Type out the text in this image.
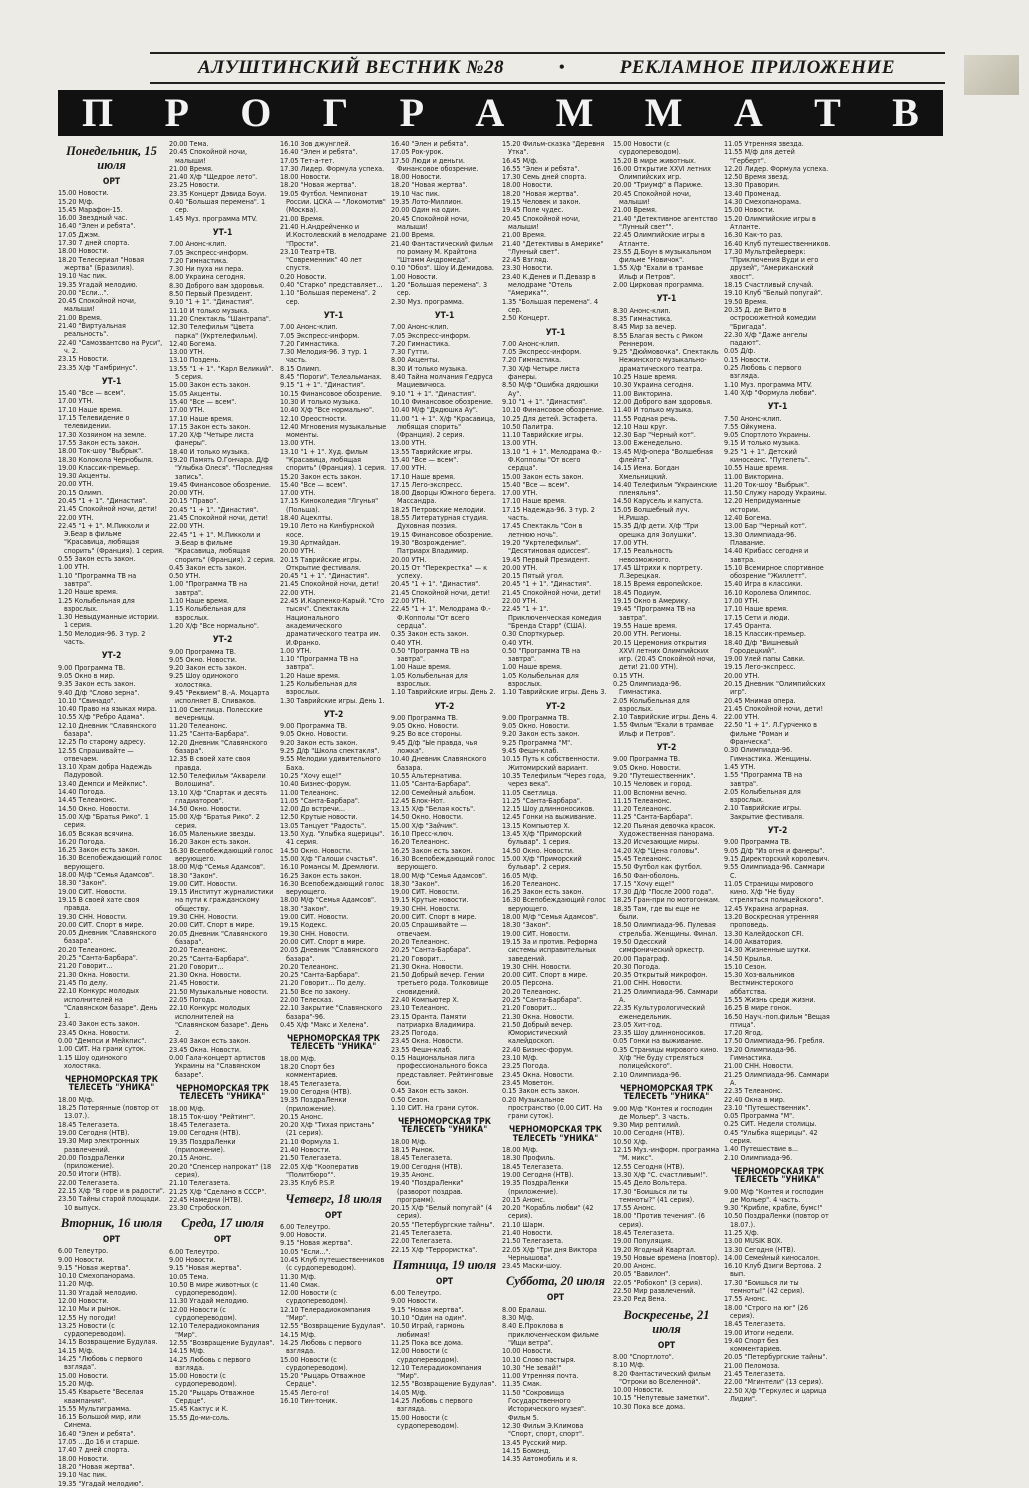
АЛУШТИНСКИЙ ВЕСТНИК №28	•	РЕКЛАМНОЕ ПРИЛОЖЕНИЕ
П Р О Г Р А М М А Т В
Понедельник, 15 июля
ОРТ
15.00 Новости.
15.20 М/ф.
15.45 Марафон-15.
16.00 Звездный час.
16.40 "Элен и ребята".
17.05 Джэм.
17.30 7 дней спорта.
18.00 Новости.
18.20 Телесериал "Новая жертва" (Бразилия).
19.10 Час пик.
19.35 Угадай мелодию.
20.00 "Если...".
20.45 Спокойной ночи, малыши!
21.00 Время.
21.40 "Виртуальная реальность".
22.40 "Самозвантсво на Руси", ч. 2.
23.15 Новости.
23.35 Х/ф "Гамбринус".
УТ-1
15.40 "Все — всем".
17.00 УТН.
17.10 Наше время.
17.15 Телевидение о телевидении.
17.30 Хозяином на земле.
17.55 Закон есть закон.
18.00 Ток-шоу "Выбрык".
18.30 Колокола Чернобыля.
19.00 Классик-премьер.
19.30 Акценты.
20.00 УТН.
20.15 Олимп.
20.45 "1 + 1". "Династия".
21.45 Спокойной ночи, дети!
22.00 УТН.
22.45 "1 + 1". М.Пикколи и Э.Беар в фильме "Красавица, любящая спорить" (Франция). 1 серия.
0.55 Закон есть закон.
1.00 УТН.
1.10 "Программа ТВ на завтра".
1.20 Наше время.
1.25 Колыбельная для взрослых.
1.30 Невыдуманные истории. 1 серия.
1.50 Мелодия-96. 3 тур. 2 часть.
УТ-2
9.00 Программа ТВ.
9.05 Окно в мир.
9.35 Закон есть закон.
9.40 Д/ф "Слово зерна".
10.10 "Свинадо".
10.40 Право на языках мира.
10.55 Х/ф "Ребро Адама".
12.10 Дневник "Славянского базара".
12.25 По старому адресу.
12.55 Спрашивайте — отвечаем.
13.10 Храм добра Надеждь Падуровой.
13.40 Демпси и Мейкпис".
14.40 Погода.
14.45 Телеанонс.
14.50 Окно. Новости.
15.00 Х/ф "Братья Рико". 1 серия.
16.05 Всякая всячина.
16.20 Погода.
16.25 Закон есть закон.
16.30 Всепобеждающий голос верующего.
18.00 М/ф "Семья Адамсов".
18.30 "Закон".
19.00 СИТ. Новости.
19.15 В своей хате своя правда.
19.30 СНН. Новости.
20.00 СИТ. Спорт в мире.
20.05 Дневник "Славянского базара".
20.20 Телеанонс.
20.25 "Санта-Барбара".
21.20 Говорит...
21.30 Окна. Новости.
21.45 По делу.
22.10 Конкурс молодых исполнителей на "Славянском базаре". День 1.
23.40 Закон есть закон.
23.45 Окна. Новости.
0.00 "Демпси и Мейкпис".
1.00 СИТ. На грани суток.
1.15 Шоу одинокого холостяка.
ЧЕРНОМОРСКАЯ ТРК ТЕЛЕСЕТЬ "УНИКА"
18.00 М/ф.
18.25 Потерянные (повтор от 13.07.).
18.45 Телегазета.
19.00 Сегодня (НТВ).
19.30 Мир электронных развлечений.
20.00 ПоздраЛенки (приложение).
20.50 Итоги (НТВ).
22.00 Телегазета.
22.15 Х/ф "В горе и в радости".
23.50 Тайны старой площади. 10 выпуск.
Вторник, 16 июля
ОРТ
6.00 Телеутро.
9.00 Новости.
9.15 "Новая жертва".
10.10 Смехопанорама.
11.20 М/ф.
11.30 Угадай мелодию.
12.00 Новости.
12.10 Мы и рынок.
12.55 Ну погоди!
13.25 Новости (с сурдопереводом).
14.15 Возвращение Будулая.
14.15 М/ф.
14.25 "Любовь с первого взгляда".
15.00 Новости.
15.20 М/ф.
15.45 Кварьете "Веселая квампания".
15.55 Мультиграмма.
16.15 Большой мир, или Синема.
16.40 "Элен и ребята".
17.05 ...До 16 и старше.
17.40 7 дней спорта.
18.00 Новости.
18.20 "Новая жертва".
19.10 Час пик.
19.35 "Угадай мелодию".
20.00 Тема.
20.45 Спокойной ночи, малыши!
21.00 Время.
21.40 Х/ф "Щедрое лето".
23.25 Новости.
23.35 Концерт Дэвида Боуи.
0.40 "Большая перемена". 1 сер.
1.45 Муз. программа MTV.
УТ-1
7.00 Анонс-клип.
7.05 Экспресс-информ.
7.20 Гимнастика.
7.30 Ни пуха ни пера.
8.00 Украина сегодня.
8.30 Доброго вам здоровья.
8.50 Первый Президент.
9.10 "1 + 1". "Династия".
11.10 И только музыка.
11.20 Спектакль "Шантрапа".
12.30 Телефильм "Цвета парка" (Укртелефильм).
12.40 Богема.
13.00 УТН.
13.10 Поздень.
13.55 "1 + 1". "Карл Великий". 5 серия.
15.00 Закон есть закон.
15.05 Акценты.
15.40 "Все — всем".
17.00 УТН.
17.10 Наше время.
17.15 Закон есть закон.
17.20 Х/ф "Четыре листа фанеры".
18.40 И только музыка.
19.20 Память О.Гончара. Д/ф "Улыбка Олеся". "Последняя запись".
19.45 Финансовое обозрение.
20.00 УТН.
20.15 "Право".
20.45 "1 + 1". "Династия".
21.45 Спокойной ночи, дети!
22.00 УТН.
22.45 "1 + 1". М.Пикколи и Э.Беар в фильме "Красавица, любящая спорить" (Франция). 2 серия.
0.45 Закон есть закон.
0.50 УТН.
1.00 "Программа ТВ на завтра".
1.10 Наше время.
1.15 Колыбельная для взрослых.
1.20 Х/ф "Все нормально".
УТ-2
9.00 Программа ТВ.
9.05 Окно. Новости.
9.20 Закон есть закон.
9.25 Шоу одинокого холостяка.
9.45 "Реквием" В.-А. Моцарта исполняет В. Спиваков.
11.00 Светлица. Полесские вечерницы.
11.20 Телеанонс.
11.25 "Санта-Барбара".
12.20 Дневник "Славянского базара".
12.35 В своей хате своя правда.
12.50 Телефильм "Акварели Волошина".
13.10 Х/ф "Спартак и десять гладиаторов".
14.50 Окно. Новости.
15.00 Х/ф "Братья Рико". 2 серия.
16.05 Маленькие звезды.
16.20 Закон есть закон.
16.30 Всепобеждающий голос верующего.
18.00 М/ф "Семья Адамсов".
18.30 "Закон".
19.00 СИТ. Новости.
19.15 Институт журналистики на пути к гражданскому обществу.
19.30 СНН. Новости.
20.00 СИТ. Спорт в мире.
20.05 Дневник "Славянского базара".
20.20 Телеанонс.
20.25 "Санта-Барбара".
21.20 Говорит...
21.30 Окна. Новости.
21.45 Новости.
21.50 Музыкальные новости.
22.05 Погода.
22.10 Конкурс молодых исполнителей на "Славянском базаре". День 2.
23.40 Закон есть закон.
23.45 Окна. Новости.
0.00 Гала-концерт артистов Украины на "Славянском базаре".
ЧЕРНОМОРСКАЯ ТРК ТЕЛЕСЕТЬ "УНИКА"
18.00 М/ф.
18.15 Ток-шоу "Рейтинг".
18.45 Телегазета.
19.00 Сегодня (НТВ).
19.35 ПоздраЛенки (приложение).
20.15 Анонс.
20.20 "Спенсер напрокат" (18 серия).
21.10 Телегазета.
21.25 Х/ф "Сделано в СССР".
22.45 Намедни (НТВ).
23.30 Стробоскоп.
Среда, 17 июля
ОРТ
6.00 Телеутро.
9.00 Новости.
9.15 "Новая жертва".
10.05 Тема.
10.50 В мире животных (с сурдопереводом).
11.30 Угадай мелодию.
12.00 Новости (с сурдопереводом).
12.10 Телерадиокомпания "Мир".
12.55 "Возвращение Будулая".
14.15 М/ф.
14.25 Любовь с первого взгляда.
15.00 Новости (с сурдопереводом).
15.20 "Рыцарь Отважное Сердце".
15.45 Кактус и К.
15.55 До-ми-соль.
16.10 Зов джунглей.
16.40 "Элен и ребята".
17.05 Тет-а-тет.
17.30 Лидер. Формула успеха.
18.00 Новости.
18.20 "Новая жертва".
19.05 Футбол. Чемпионат России. ЦСКА — "Локомотив" (Москва).
21.00 Время.
21.40 Н.Андрейченко и И.Костолевский в мелодраме "Прости".
23.10 Театр+ТВ. "Современник" 40 лет спустя.
0.20 Новости.
0.40 "Старко" представляет...
1.10 "Большая перемена". 2 сер.
УТ-1
7.00 Анонс-клип.
7.05 Экспресс-информ.
7.20 Гимнастика.
7.30 Мелодия-96. 3 тур. 1 часть.
8.15 Олимп.
8.45 "Пороги". Телеальманах.
9.15 "1 + 1". "Династия".
10.15 Финансовое обозрение.
10.30 И только музыка.
10.40 Х/ф "Все нормально".
12.10 Ореостности.
12.40 Мгновения музыкальные моменты.
13.00 УТН.
13.10 "1 + 1". Худ. фильм "Красавица, любящая спорить" (Франция). 1 серия.
15.20 Закон есть закон.
15.40 "Все — всем".
17.00 УТН.
17.15 Киноколедия "Лгунья" (Польша).
18.40 Ацеклты.
19.10 Лето на Кинбурнской косе.
19.30 Артмайдан.
20.00 УТН.
20.15 Таврийские игры. Открытие фестиваля.
20.45 "1 + 1". "Династия".
21.45 Спокойной ночи, дети!
22.00 УТН.
22.45 И.Карпенко-Карый. "Сто тысяч". Спектакль Национального академического драматического театра им. И.Франко.
1.00 УТН.
1.10 "Программа ТВ на завтра".
1.20 Наше время.
1.25 Колыбельная для взрослых.
1.30 Таврийские игры. День 1.
УТ-2
9.00 Программа ТВ.
9.05 Окно. Новости.
9.20 Закон есть закон.
9.25 Д/ф "Школа спектакля".
9.55 Мелодии удивительного Баха.
10.25 "Хочу еще!"
10.40 Бизнес-форум.
11.00 Телеанонс.
11.05 "Санта-Барбара".
12.00 До встречи...
12.50 Крутые новости.
13.05 Танцует "Радость".
13.50 Худ. "Улыбка ящерицы". 41 серия.
14.50 Окно. Новости.
15.00 Х/ф "Галоши счастья".
16.10 Романсы М. Дремлюги.
16.25 Закон есть закон.
16.30 Всепобеждающий голос верующего.
18.00 М/ф "Семья Адамсов".
18.30 "Закон".
19.00 СИТ. Новости.
19.15 Кодекс.
19.30 СНН. Новости.
20.00 СИТ. Спорт в мире.
20.05 Дневник "Славянского базара".
20.20 Телеанонс.
20.25 "Санта-Барбара".
21.20 Говорит... По делу.
21.50 Все по закону.
22.00 Телесказ.
22.10 Закрытие "Славянского базара"-96.
0.45 Х/ф "Макс и Хелена".
ЧЕРНОМОРСКАЯ ТРК ТЕЛЕСЕТЬ "УНИКА"
18.00 М/ф.
18.20 Спорт без комментариев.
18.45 Телегазета.
19.00 Сегодня (НТВ).
19.35 ПоздраЛенки (приложение).
20.15 Анонс.
20.20 Х/ф "Тихая пристань" (21 серия).
21.10 Формула 1.
21.40 Новости.
21.50 Телегазета.
22.05 Х/ф "Кооператив "Политбюро"".
23.35 Клуб P.S.P.
Четверг, 18 июля
ОРТ
6.00 Телеутро.
9.00 Новости.
9.15 "Новая жертва".
10.05 "Если...".
10.45 Клуб путешественников (с сурдопереводом).
11.30 М/ф.
11.40 Смак.
12.00 Новости (с сурдопереводом).
12.10 Телерадиокомпания "Мир".
12.55 "Возвращение Будулая".
14.15 М/ф.
14.25 Любовь с первого взгляда.
15.00 Новости (с сурдопереводом).
15.20 "Рыцарь Отважное Сердце".
15.45 Лего-го!
16.10 Тин-тоник.
16.40 "Элен и ребята".
17.05 Рок-урок.
17.50 Люди и деньги. Финансовое обозрение.
18.00 Новости.
18.20 "Новая жертва".
19.10 Час пик.
19.35 Лото-Миллион.
20.00 Один на один.
20.45 Спокойной ночи, малыши!
21.00 Время.
21.40 Фантастический фильм по роману М. Крайтона "Штамм Андромеда".
0.10 "Обоз". Шоу И.Демидова.
1.00 Новости.
1.20 "Большая перемена". 3 сер.
2.30 Муз. программа.
УТ-1
7.00 Анонс-клип.
7.05 Экспресс-информ.
7.20 Гимнастика.
7.30 Гутти.
8.00 Акценты.
8.30 И только музыка.
8.40 Тайна молчания Гедруса Мациевичюса.
9.10 "1 + 1". "Династия".
10.10 Финансовое обозрение.
10.40 М/ф "Дядюшка Ау".
11.00 "1 + 1". Х/ф "Красавица, любящая спорить" (Франция). 2 серия.
13.00 УТН.
13.55 Таврийские игры.
15.40 "Все — всем".
17.00 УТН.
17.10 Наше время.
17.15 Лего-экспресс.
18.00 Дворцы Южного берега. Массандра.
18.25 Петровские мелодии.
18.55 Литературная студия. Духовная поэзия.
19.15 Финансовое обозрение.
19.30 "Возрождение". Патриарх Владимир.
20.00 УТН.
20.15 От "Перекрестка" — к успеху.
20.45 "1 + 1". "Династия".
21.45 Спокойной ночи, дети!
22.00 УТН.
22.45 "1 + 1". Мелодрама Ф.-Ф.Копполы "От всего сердца".
0.35 Закон есть закон.
0.40 УТН.
0.50 "Программа ТВ на завтра".
1.00 Наше время.
1.05 Колыбельная для взрослых.
1.10 Таврийские игры. День 2.
УТ-2
9.00 Программа ТВ.
9.05 Окно. Новости.
9.25 Во все стороны.
9.45 Д/ф "Ые правда, чья ложка".
10.40 Дневник Славянского базара.
10.55 Альтернатива.
11.05 "Санта-Барбара".
12.00 Семейный альбом.
12.45 Блок-Нот.
13.15 Х/ф "Белая кость".
14.50 Окно. Новости.
15.00 Х/ф "Зайчик".
16.10 Пресс-ключ.
16.20 Телеанонс.
16.25 Закон есть закон.
16.30 Всепобеждающий голос верующего.
18.00 М/ф "Семья Адамсов".
18.30 "Закон".
19.00 СИТ. Новости.
19.15 Крутые новости.
19.30 СНН. Новости.
20.00 СИТ. Спорт в мире.
20.05 Спрашивайте — отвечаем.
20.20 Телеанонс.
20.25 "Санта-Барбара".
21.20 Говорит...
21.30 Окна. Новости.
21.50 Добрый вечер. Гении третьего рода. Толковище сновидений.
22.40 Компьютер Х.
23.10 Телеанонс.
23.15 Оранта. Памяти патриарха Владимира.
23.25 Погода.
23.45 Окна. Новости.
23.55 Фешн-клаб.
0.15 Национальная лига профессионального бокса представляет. Рейтинговые бои.
0.45 Закон есть закон.
0.50 Сезон.
1.10 СИТ. На грани суток.
ЧЕРНОМОРСКАЯ ТРК ТЕЛЕСЕТЬ "УНИКА"
18.00 М/ф.
18.15 Рынок.
18.45 Телегазета.
19.00 Сегодня (НТВ).
19.35 Анонс.
19.40 "ПоздраЛенки" (разворот поздрав. программ).
20.15 Х/ф "Белый попугай" (4 серия).
20.55 "Петербургские тайны".
21.45 Телегазета.
22.00 Телегазета.
22.15 Х/ф "Террористка".
Пятница, 19 июля
ОРТ
6.00 Телеутро.
9.00 Новости.
9.15 "Новая жертва".
10.10 "Один на один".
10.50 Играй, гармонь любимая!
11.25 Пока все дома.
12.00 Новости (с сурдопереводом).
12.10 Телерадиокомпания "Мир".
12.55 "Возвращение Будулая".
14.05 М/ф.
14.25 Любовь с первого взгляда.
15.00 Новости (с сурдопереводом).
15.20 Фильм-сказка "Деревня Утка".
16.45 М/ф.
16.55 "Элен и ребята".
17.30 Семь дней спорта.
18.00 Новости.
18.20 "Новая жертва".
19.15 Человек и закон.
19.45 Поле чудес.
20.45 Спокойной ночи, малыши!
21.00 Время.
21.40 "Детективы в Америке" "Лунный свет".
22.45 Взгляд.
23.30 Новости.
23.40 К.Денев и П.Девазр в мелодраме "Отель "Америка"".
1.35 "Большая перемена". 4 сер.
2.50 Концерт.
УТ-1
7.00 Анонс-клип.
7.05 Экспресс-информ.
7.20 Гимнастика.
7.30 Х/ф Четыре листа фанеры.
8.50 М/ф "Ошибка дядюшки Ау".
9.10 "1 + 1". "Династия".
10.10 Финансовое обозрение.
10.25 Для детей. Эстафета.
10.50 Палитра.
11.10 Таврийские игры.
13.00 УТН.
13.10 "1 + 1". Мелодрама Ф.-Ф.Копполы "От всего сердца".
15.00 Закон есть закон.
15.40 "Все — всем".
17.00 УТН.
17.10 Наше время.
17.15 Надежда-96. 3 тур. 2 часть.
17.45 Спектакль "Сон в летнюю ночь".
19.20 "Укртелефильм". "Десятиновая одиссея".
19.45 Первый Президент.
20.00 УТН.
20.15 Пятый угол.
20.45 "1 + 1". "Династия".
21.45 Спокойной ночи, дети!
22.00 УТН.
22.45 "1 + 1". Приключенческая комедия "Бренда Старр" (США).
0.30 Спорткурьер.
0.40 УТН.
0.50 "Программа ТВ на завтра".
1.00 Наше время.
1.05 Колыбельная для взрослых.
1.10 Таврийские игры. День 3.
УТ-2
9.00 Программа ТВ.
9.05 Окно. Новости.
9.20 Закон есть закон.
9.25 Программа "М".
9.45 Фешн-клаб.
10.15 Путь к собственности. Житомирский вариант.
10.35 Телефильм "Через года, через века".
11.05 Светлица.
11.25 "Санта-Барбара".
12.15 Шоу длинноносиков.
12.45 Гонки на выживание.
13.15 Компьютер Х.
13.45 Х/ф "Приморский бульвар". 1 серия.
14.50 Окно. Новости.
15.00 Х/ф "Приморский бульвар". 2 серия.
16.05 М/ф.
16.20 Телеанонс.
16.25 Закон есть закон.
16.30 Всепобеждающий голос верующего.
18.00 М/ф "Семья Адамсов".
18.30 "Закон".
19.00 СИТ. Новости.
19.15 За и против. Реформа системы исправительных заведений.
19.30 СНН. Новости.
20.00 СИТ. Спорт в мире.
20.05 Персона.
20.20 Телеанонс.
20.25 "Санта-Барбара".
21.20 Говорит...
21.30 Окна. Новости.
21.50 Добрый вечер. Юмористический калейдоскоп.
22.40 Бизнес-форум.
23.10 М/ф.
23.25 Погода.
23.45 Окна. Новости.
23.45 Моветон.
0.15 Закон есть закон.
0.20 Музыкальное пространство (0.00 СИТ. На грани суток).
ЧЕРНОМОРСКАЯ ТРК ТЕЛЕСЕТЬ "УНИКА"
18.00 М/ф.
18.30 Профиль.
18.45 Телегазета.
19.00 Сегодня (НТВ).
19.35 ПоздраЛенки (приложение).
20.15 Анонс.
20.20 "Корабль любви" (42 серия).
21.10 Шарм.
21.40 Новости.
21.50 Телегазета.
22.05 Х/ф "Три дня Виктора Чернышова".
23.45 Маски-шоу.
Суббота, 20 июля
ОРТ
8.00 Ералаш.
8.30 М/ф.
8.40 Е.Проклова в приключенческом фильме "Ищи ветра".
10.00 Новости.
10.10 Слово пастыря.
10.30 "Не зевай!"
11.00 Утренняя почта.
11.35 Смак.
11.50 "Сокровища Государственного Исторического музея". Фильм 5.
12.30 Фильм Э.Климова "Спорт, спорт, спорт".
13.45 Русский мир.
14.15 Бомонд.
14.35 Автомобиль и я.
15.00 Новости (с сурдопереводом).
15.20 В мире животных.
16.00 Открытие XXVI летних Олимпийских игр.
20.00 "Триумф" в Париже.
20.45 Спокойной ночи, малыши!
21.00 Время.
21.40 "Детективное агентство "Лунный свет"".
22.45 Олимпийские игры в Атланте.
23.55 Д.Боун в музыкальном фильме "Новичок".
1.55 Х/ф "Ехали в трамвае Ильф и Петров".
2.00 Цирковая программа.
УТ-1
8.30 Анонс-клип.
8.35 Гимнастика.
8.45 Мир за вечер.
8.55 Благая весть с Риком Реннером.
9.25 "Дюймовочка". Спектакль Нежинского музыкально-драматического театра.
10.25 Наше время.
10.30 Украина сегодня.
11.00 Викторина.
12.00 Доброго вам здоровья.
11.40 И только музыка.
11.55 Родная речь.
12.10 Наш круг.
12.30 Бар "Черный кот".
13.00 Еженедельно.
13.45 М/ф-опера "Волшебная флейта".
14.15 Иена. Богдан Хмельницкий.
14.40 Телефильм "Украинские пленяльня".
14.50 Карусель и капуста.
15.05 Волшебный луч. Н.Ришар.
15.35 Д/ф дети. Х/ф "Три орешка для Золушки".
17.00 УТН.
17.15 Реальность невозможного.
17.45 Штрихи к портрету. Л.Зерецкая.
18.15 Время европейское.
18.45 Подиум.
19.15 Окно в Америку.
19.45 "Программа ТВ на завтра".
19.55 Наше время.
20.00 УТН. Регионы.
20.15 Церемония открытия XXVI летних Олимпийских игр. (20.45 Спокойной ночи, дети! 21.00 УТН).
0.15 УТН.
0.25 Олимпиада-96. Гимнастика.
2.05 Колыбельная для взрослых.
2.10 Таврийские игры. День 4.
1.55 Фильм "Ехали в трамвае Ильф и Петров".
УТ-2
9.00 Программа ТВ.
9.05 Окно. Новости.
9.20 "Путешественник".
10.15 Человек и город.
11.00 Вспомни вечно.
11.15 Телеанонс.
11.20 Телеанонс.
11.25 "Санта-Барбара".
12.20 Пьяная девочка красок. Художественная панорама.
13.20 Исчезающие миры.
14.20 Х/ф "Цена головы".
15.45 Телеанонс.
15.50 Футбол как футбол.
16.50 Фан-оболонь.
17.15 "Хочу еще!"
17.30 Д/ф "После 2000 года".
18.25 Гран-при по мотогонкам.
18.35 Там, где вы еще не были.
18.50 Олимпиада-96. Пулевая стрельба. Женщины. Финал.
19.50 Одесский симфонический оркестр.
20.00 Параграф.
20.30 Погода.
20.35 Открытый микрофон.
21.00 СНН. Новости.
21.25 Олимпиада-96. Саммари А.
22.35 Культурологический еженедельник.
23.05 Хит-год.
23.35 Шоу длинноносиков.
0.05 Гонки на выживание.
0.35 Страницы мирового кино. Х/ф "Не буду стреляться полицейского".
2.10 Олимпиада-96.
ЧЕРНОМОРСКАЯ ТРК ТЕЛЕСЕТЬ "УНИКА"
9.00 М/ф "Контея и господин де Мольер". 3 часть.
9.30 Мир рептилий.
10.00 Сегодня (НТВ).
10.50 Х/ф.
12.15 Муз.-информ. программа "М. микс".
12.55 Сегодня (НТВ).
13.30 Х/ф "С. счастливым!".
15.45 Дело Вольтера.
17.30 "Боишься ли ты темноты?" (41 серия).
17.55 Анонс.
18.00 "Против течения". (6 серия).
18.45 Телегазета.
19.00 Популяция.
19.20 Ягодный Квартал.
19.50 Новые времена (повтор).
20.00 Анонс.
20.05 "Вавилон".
22.05 "Робокоп" (3 серия).
22.50 Мир развлечений.
23.20 Ред Вена.
Воскресенье, 21 июля
ОРТ
8.00 "Спортлото".
8.10 М/ф.
8.20 Фантастический фильм "Отроки во Вселенной".
10.00 Новости.
10.15 "Непутевые заметки".
10.30 Пока все дома.
11.05 Утренняя звезда.
11.55 М/ф для детей "Герберт".
12.20 Лидер. Формула успеха.
12.50 Время звезд.
13.30 Праворин.
13.40 Променад.
14.30 Смехопанорама.
15.00 Новости.
15.20 Олимпийские игры в Атланте.
16.30 Как-то раз.
16.40 Клуб путешественников.
17.30 Мультфейерверк: "Приключения Вуди и его друзей", "Американский хвост".
18.15 Счастливый случай.
19.10 Клуб "Белый попугай".
19.50 Время.
20.35 Д. де Вито в остросюжетной комедии "Бригада".
22.30 Х/ф "Даже ангелы падают".
0.05 Д/ф.
0.15 Новости.
0.25 Любовь с первого взгляда.
1.10 Муз. программа MTV.
1.40 Х/ф "Формула любви".
УТ-1
7.50 Анонс-клип.
7.55 Ойкумена.
9.05 Спортлото Украины.
9.15 И только музыка.
9.25 "1 + 1". Детский киносеанс. "Путепеть".
10.55 Наше время.
11.00 Викторина.
11.20 Ток-шоу "Выбрык".
11.50 Служу народу Украины.
12.20 Непридуманные истории.
12.40 Богема.
13.00 Бар "Черный кот".
13.30 Олимпиада-96. Плавание.
14.40 Крибасс сегодня и завтра.
15.10 Всемирное спортивное обозрение "Жиллетт".
15.40 Игра в классики.
16.10 Королева Олимпос.
17.00 УТН.
17.10 Наше время.
17.15 Сети и люди.
17.45 Оранта.
18.15 Классик-премьер.
18.40 Д/ф "Вишневый Городецкий".
19.00 Улей папы Савки.
19.15 Лего-экспресс.
20.00 УТН.
20.15 Дневник "Олимпийских игр".
20.45 Мнимая опера.
21.45 Спокойной ночи, дети!
22.00 УТН.
22.50 "1 + 1". Л.Гурченко в фильме "Роман и Франческа".
0.30 Олимпиада-96. Гимнастика. Женщины.
1.45 УТН.
1.55 "Программа ТВ на завтра".
2.05 Колыбельная для взрослых.
2.10 Таврийские игры. Закрытие фестиваля.
УТ-2
9.00 Программа ТВ.
9.05 Д/ф "Из огня и фанеры".
9.15 Директорский королевич.
9.55 Олимпиада-96. Саммари С.
11.05 Страницы мирового кино. Х/ф "Не буду стреляться полицейского".
12.45 Украина аграрная.
13.20 Воскресная утренняя проповедь.
13.30 Калейдоскоп CFI.
14.00 Акватория.
14.30 Жизненные шутки.
14.50 Крылья.
15.10 Сезон.
15.30 Хоз-вальников Вестминстерского аббатства.
15.55 Жизнь среди жизни.
16.25 В мире гонок.
16.50 Науч.-поп.фильм "Вещая птица".
17.20 Ягод.
17.50 Олимпиада-96. Гребля.
19.20 Олимпиада-96. Гимнастика.
21.00 СНН. Новости.
21.25 Олимпиада-96. Саммари А.
22.35 Телеанонс.
22.40 Окна в мир.
23.10 "Путешественник".
0.05 Программа "М".
0.25 СИТ. Недели столицы.
0.45 "Улыбка ящерицы". 42 серия.
1.40 Путешествие в...
2.10 Олимпиада-96.
ЧЕРНОМОРСКАЯ ТРК ТЕЛЕСЕТЬ "УНИКА"
9.00 М/ф "Контея и господин де Мольер". 4 часть.
9.30 "Крибле, крабле, бумс!"
10.50 ПоздраЛенки (повтор от 18.07.).
11.25 Х/ф.
13.00 MUSIK BOX.
13.30 Сегодня (НТВ).
14.00 Семейный киносалон.
16.10 Клуб Дзиги Вертова. 2 вып.
17.30 "Боишься ли ты темноты!" (42 серия).
17.55 Анонс.
18.00 "Строго на юг" (26 серия).
18.45 Телегазета.
19.00 Итоги недели.
19.40 Спорт без комментариев.
20.05 "Петербургские тайны".
21.00 Пеломоза.
21.45 Телегазета.
22.00 "Мгинтели" (13 серия).
22.50 Х/ф "Геркулес и царица Лидии".
